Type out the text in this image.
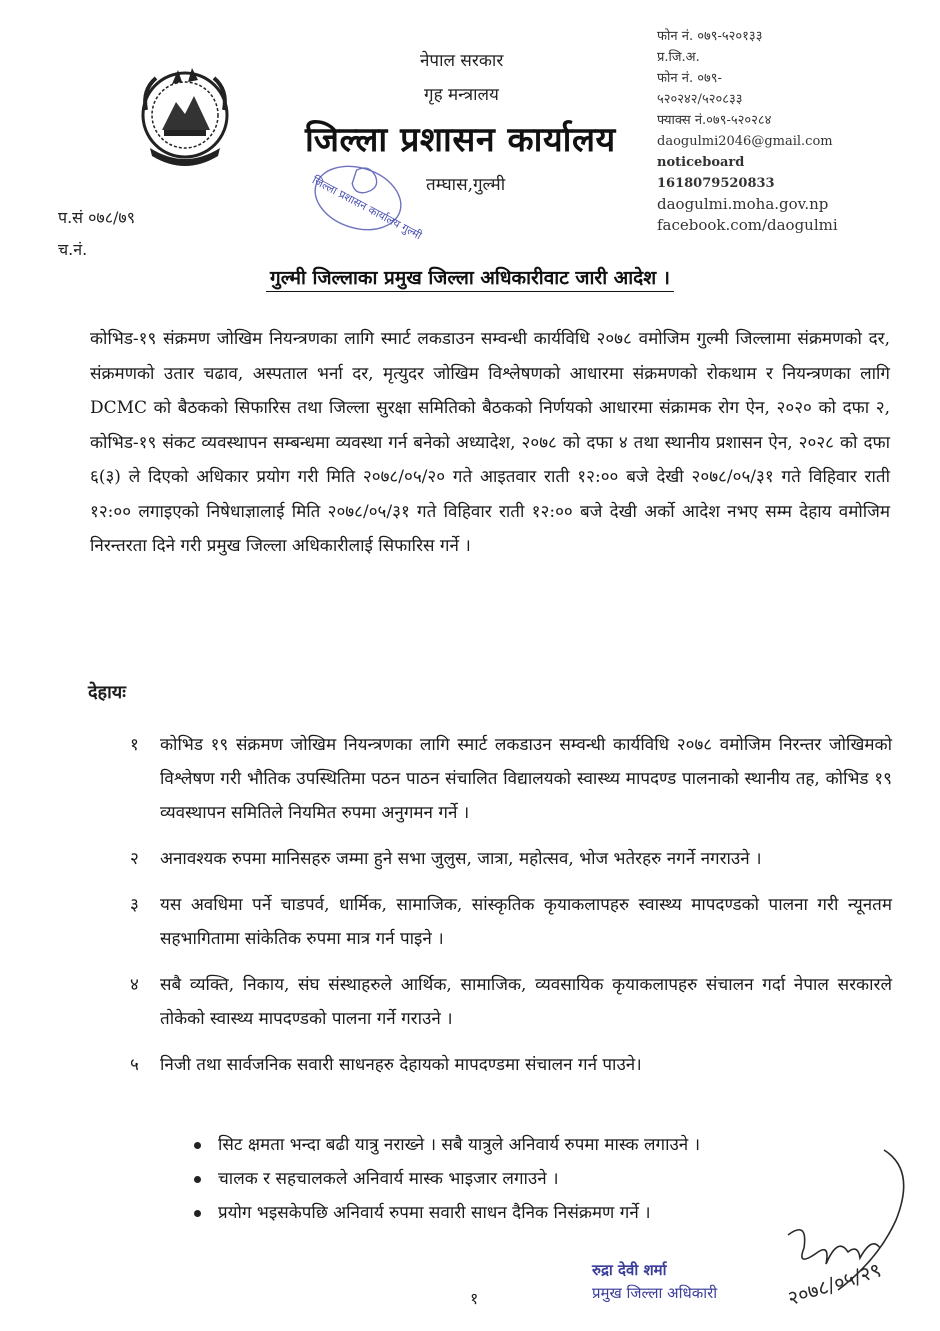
नेपाल सरकार
गृह मन्त्रालय
जिल्ला प्रशासन कार्यालय
तम्घास,गुल्मी
जिल्ला प्रशासन कार्यालय गुल्मी
फोन नं. ०७९-५२०१३३
प्र.जि.अ.
फोन नं. ०७९-
५२०२४२/५२०८३३
फ्याक्स नं.०७९-५२०२८४
daogulmi2046@gmail.com
noticeboard
1618079520833
daogulmi.moha.gov.np
facebook.com/daogulmi
प.सं ०७८/७९
च.नं.
गुल्मी जिल्लाका प्रमुख जिल्ला अधिकारीवाट जारी आदेश ।

कोभिड-१९ संक्रमण जोखिम नियन्त्रणका लागि स्मार्ट लकडाउन सम्वन्धी कार्यविधि २०७८ वमोजिम गुल्मी जिल्लामा संक्रमणको दर, संक्रमणको उतार चढाव, अस्पताल भर्ना दर, मृत्युदर जोखिम विश्लेषणको आधारमा संक्रमणको रोकथाम र नियन्त्रणका लागि DCMC को बैठकको सिफारिस तथा जिल्ला सुरक्षा समितिको बैठकको निर्णयको आधारमा संक्रामक रोग ऐन, २०२० को दफा २, कोभिड-१९ संकट व्यवस्थापन सम्बन्धमा व्यवस्था गर्न बनेको अध्यादेश, २०७८ को दफा ४ तथा स्थानीय प्रशासन ऐन, २०२८ को दफा ६(३) ले दिएको अधिकार प्रयोग गरी मिति २०७८/०५/२० गते आइतवार राती १२:०० बजे देखी २०७८/०५/३१ गते विहिवार राती १२:०० लगाइएको निषेधाज्ञालाई मिति २०७८/०५/३१ गते विहिवार राती १२:०० बजे देखी अर्को आदेश नभए सम्म देहाय वमोजिम निरन्तरता दिने गरी प्रमुख जिल्ला अधिकारीलाई सिफारिस गर्ने ।

देहायः
१ कोभिड १९ संक्रमण जोखिम नियन्त्रणका लागि स्मार्ट लकडाउन सम्वन्धी कार्यविधि २०७८ वमोजिम निरन्तर जोखिमको विश्लेषण गरी भौतिक उपस्थितिमा पठन पाठन संचालित विद्यालयको स्वास्थ्य मापदण्ड पालनाको स्थानीय तह, कोभिड १९ व्यवस्थापन समितिले नियमित रुपमा अनुगमन गर्ने ।
२ अनावश्यक रुपमा मानिसहरु जम्मा हुने सभा जुलुस, जात्रा, महोत्सव, भोज भतेरहरु नगर्ने नगराउने ।
३ यस अवधिमा पर्ने चाडपर्व, धार्मिक, सामाजिक, सांस्कृतिक कृयाकलापहरु स्वास्थ्य मापदण्डको पालना गरी न्यूनतम सहभागितामा सांकेतिक रुपमा मात्र गर्न पाइने ।
४ सबै व्यक्ति, निकाय, संघ संस्थाहरुले आर्थिक, सामाजिक, व्यवसायिक कृयाकलापहरु संचालन गर्दा नेपाल सरकारले तोकेको स्वास्थ्य मापदण्डको पालना गर्ने गराउने ।
५ निजी तथा सार्वजनिक सवारी साधनहरु देहायको मापदण्डमा संचालन गर्न पाउने।
सिट क्षमता भन्दा बढी यात्रु नराख्ने । सबै यात्रुले अनिवार्य रुपमा मास्क लगाउने ।
चालक र सहचालकले अनिवार्य मास्क भाइजार लगाउने ।
प्रयोग भइसकेपछि अनिवार्य रुपमा सवारी साधन दैनिक निसंक्रमण गर्ने ।
२०७८/०५/२९
रुद्रा देवी शर्मा
प्रमुख जिल्ला अधिकारी
१
